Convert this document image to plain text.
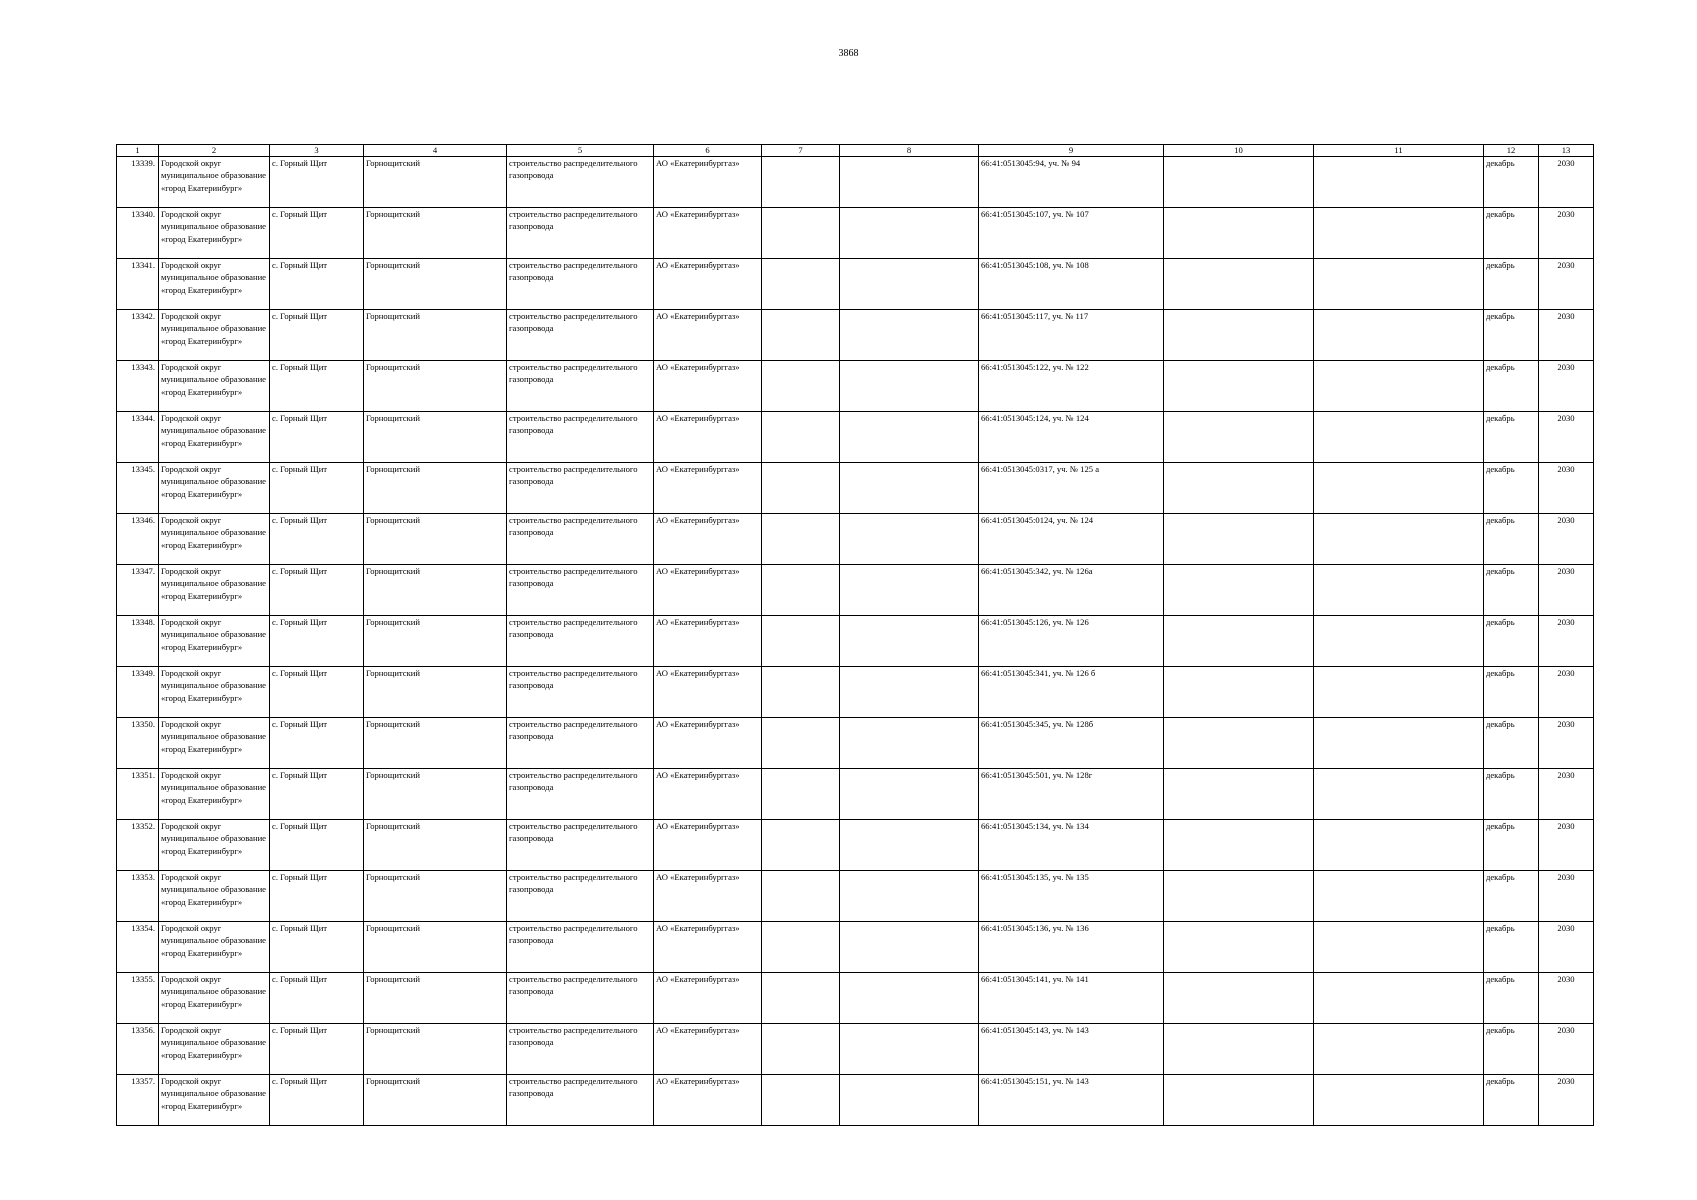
3868
1	2	3	4	5	6	7	8	9	10	11	12	13
13339.	Городской округ муниципальное образование «город Екатеринбург»	с. Горный Щит	Горнощитский	строительство распределительного газопровода	АО «Екатеринбурггаз»			66:41:0513045:94, уч. № 94			декабрь	2030
13340.	Городской округ муниципальное образование «город Екатеринбург»	с. Горный Щит	Горнощитский	строительство распределительного газопровода	АО «Екатеринбурггаз»			66:41:0513045:107, уч. № 107			декабрь	2030
13341.	Городской округ муниципальное образование «город Екатеринбург»	с. Горный Щит	Горнощитский	строительство распределительного газопровода	АО «Екатеринбурггаз»			66:41:0513045:108, уч. № 108			декабрь	2030
13342.	Городской округ муниципальное образование «город Екатеринбург»	с. Горный Щит	Горнощитский	строительство распределительного газопровода	АО «Екатеринбурггаз»			66:41:0513045:117, уч. № 117			декабрь	2030
13343.	Городской округ муниципальное образование «город Екатеринбург»	с. Горный Щит	Горнощитский	строительство распределительного газопровода	АО «Екатеринбурггаз»			66:41:0513045:122, уч. № 122			декабрь	2030
13344.	Городской округ муниципальное образование «город Екатеринбург»	с. Горный Щит	Горнощитский	строительство распределительного газопровода	АО «Екатеринбурггаз»			66:41:0513045:124, уч. № 124			декабрь	2030
13345.	Городской округ муниципальное образование «город Екатеринбург»	с. Горный Щит	Горнощитский	строительство распределительного газопровода	АО «Екатеринбурггаз»			66:41:0513045:0317, уч. № 125 а			декабрь	2030
13346.	Городской округ муниципальное образование «город Екатеринбург»	с. Горный Щит	Горнощитский	строительство распределительного газопровода	АО «Екатеринбурггаз»			66:41:0513045:0124, уч. № 124			декабрь	2030
13347.	Городской округ муниципальное образование «город Екатеринбург»	с. Горный Щит	Горнощитский	строительство распределительного газопровода	АО «Екатеринбурггаз»			66:41:0513045:342, уч. № 126а			декабрь	2030
13348.	Городской округ муниципальное образование «город Екатеринбург»	с. Горный Щит	Горнощитский	строительство распределительного газопровода	АО «Екатеринбурггаз»			66:41:0513045:126, уч. № 126			декабрь	2030
13349.	Городской округ муниципальное образование «город Екатеринбург»	с. Горный Щит	Горнощитский	строительство распределительного газопровода	АО «Екатеринбурггаз»			66:41:0513045:341, уч. № 126 б			декабрь	2030
13350.	Городской округ муниципальное образование «город Екатеринбург»	с. Горный Щит	Горнощитский	строительство распределительного газопровода	АО «Екатеринбурггаз»			66:41:0513045:345, уч. № 128б			декабрь	2030
13351.	Городской округ муниципальное образование «город Екатеринбург»	с. Горный Щит	Горнощитский	строительство распределительного газопровода	АО «Екатеринбурггаз»			66:41:0513045:501, уч. № 128г			декабрь	2030
13352.	Городской округ муниципальное образование «город Екатеринбург»	с. Горный Щит	Горнощитский	строительство распределительного газопровода	АО «Екатеринбурггаз»			66:41:0513045:134, уч. № 134			декабрь	2030
13353.	Городской округ муниципальное образование «город Екатеринбург»	с. Горный Щит	Горнощитский	строительство распределительного газопровода	АО «Екатеринбурггаз»			66:41:0513045:135, уч. № 135			декабрь	2030
13354.	Городской округ муниципальное образование «город Екатеринбург»	с. Горный Щит	Горнощитский	строительство распределительного газопровода	АО «Екатеринбурггаз»			66:41:0513045:136, уч. № 136			декабрь	2030
13355.	Городской округ муниципальное образование «город Екатеринбург»	с. Горный Щит	Горнощитский	строительство распределительного газопровода	АО «Екатеринбурггаз»			66:41:0513045:141, уч. № 141			декабрь	2030
13356.	Городской округ муниципальное образование «город Екатеринбург»	с. Горный Щит	Горнощитский	строительство распределительного газопровода	АО «Екатеринбурггаз»			66:41:0513045:143, уч. № 143			декабрь	2030
13357.	Городской округ муниципальное образование «город Екатеринбург»	с. Горный Щит	Горнощитский	строительство распределительного газопровода	АО «Екатеринбурггаз»			66:41:0513045:151, уч. № 143			декабрь	2030
